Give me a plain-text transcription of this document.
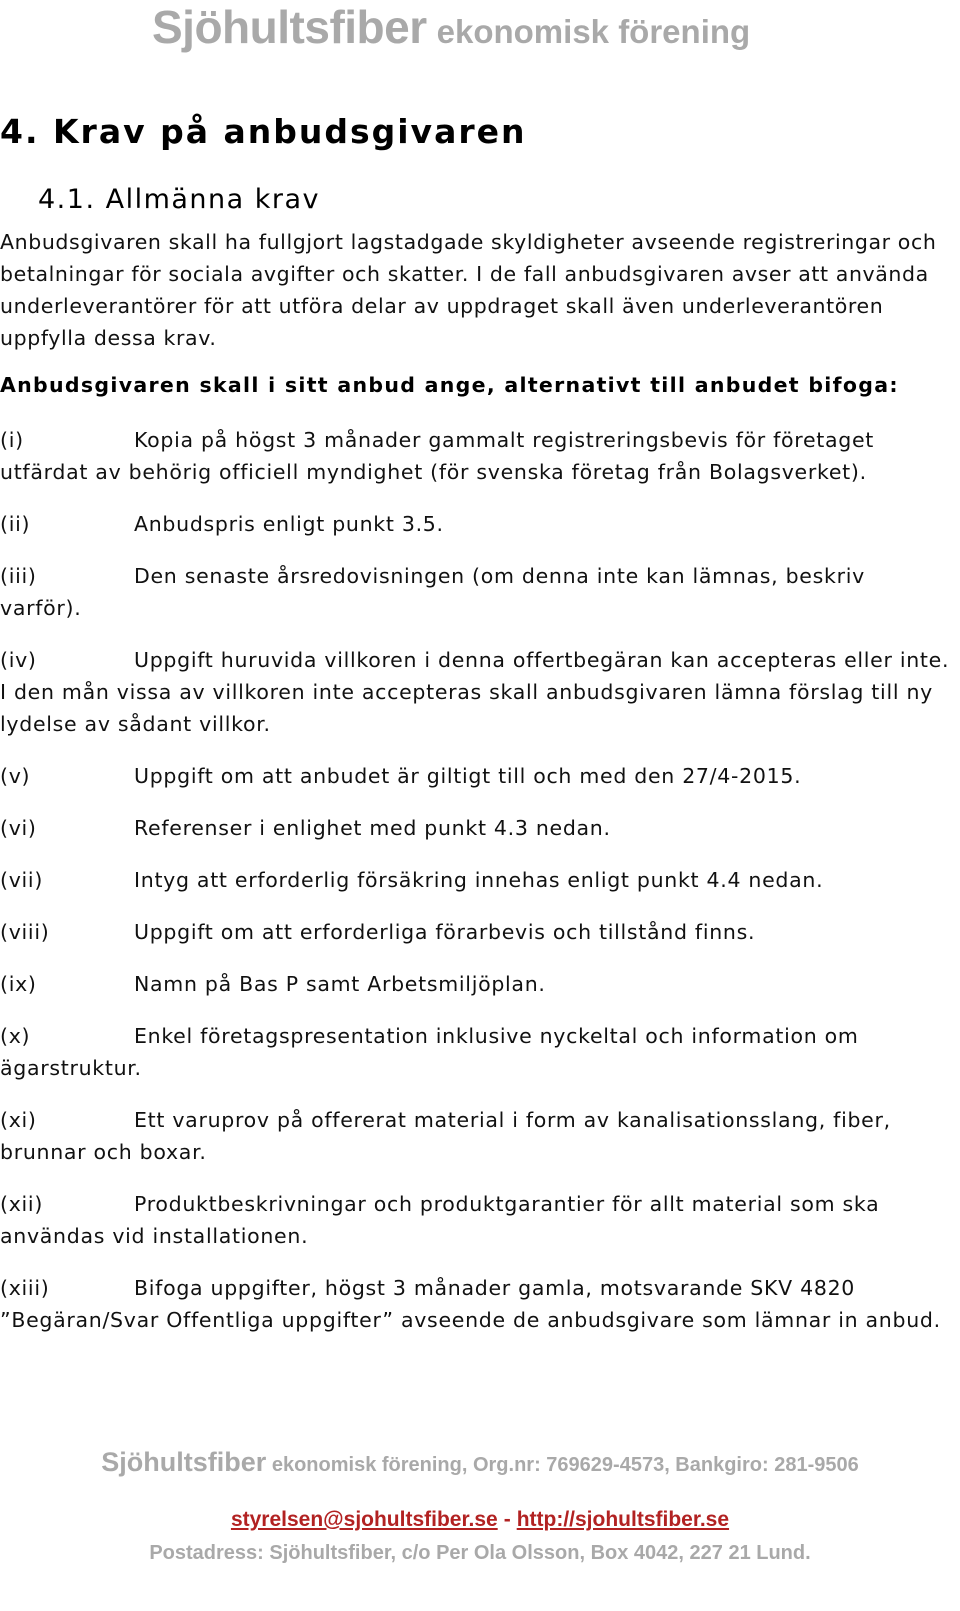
Sjöhultsfiber ekonomisk förening
4. Krav på anbudsgivaren
4.1. Allmänna krav
Anbudsgivaren skall ha fullgjort lagstadgade skyldigheter avseende registreringar och betalningar för sociala avgifter och skatter. I de fall anbudsgivaren avser att använda underleverantörer för att utföra delar av uppdraget skall även underleverantören uppfylla dessa krav.
Anbudsgivaren skall i sitt anbud ange, alternativt till anbudet bifoga:
(i)	Kopia på högst 3 månader gammalt registreringsbevis för företaget utfärdat av behörig officiell myndighet (för svenska företag från Bolagsverket).
(ii)	Anbudspris enligt punkt 3.5.
(iii)	Den senaste årsredovisningen (om denna inte kan lämnas, beskriv varför).
(iv)	Uppgift huruvida villkoren i denna offertbegäran kan accepteras eller inte. I den mån vissa av villkoren inte accepteras skall anbudsgivaren lämna förslag till ny lydelse av sådant villkor.
(v)	Uppgift om att anbudet är giltigt till och med den 27/4-2015.
(vi)	Referenser i enlighet med punkt 4.3 nedan.
(vii)	Intyg att erforderlig försäkring innehas enligt punkt 4.4 nedan.
(viii)	Uppgift om att erforderliga förarbevis och tillstånd finns.
(ix)	Namn på Bas P samt Arbetsmiljöplan.
(x)	Enkel företagspresentation inklusive nyckeltal och information om ägarstruktur.
(xi)	Ett varuprov på offererat material i form av kanalisationsslang, fiber, brunnar och boxar.
(xii)	Produktbeskrivningar och produktgarantier för allt material som ska användas vid installationen.
(xiii)	Bifoga uppgifter, högst 3 månader gamla, motsvarande SKV 4820 ”Begäran/Svar Offentliga uppgifter” avseende de anbudsgivare som lämnar in anbud.
Sjöhultsfiber ekonomisk förening, Org.nr: 769629-4573, Bankgiro: 281-9506
styrelsen@sjohultsfiber.se - http://sjohultsfiber.se
Postadress: Sjöhultsfiber, c/o Per Ola Olsson, Box 4042, 227 21 Lund.
